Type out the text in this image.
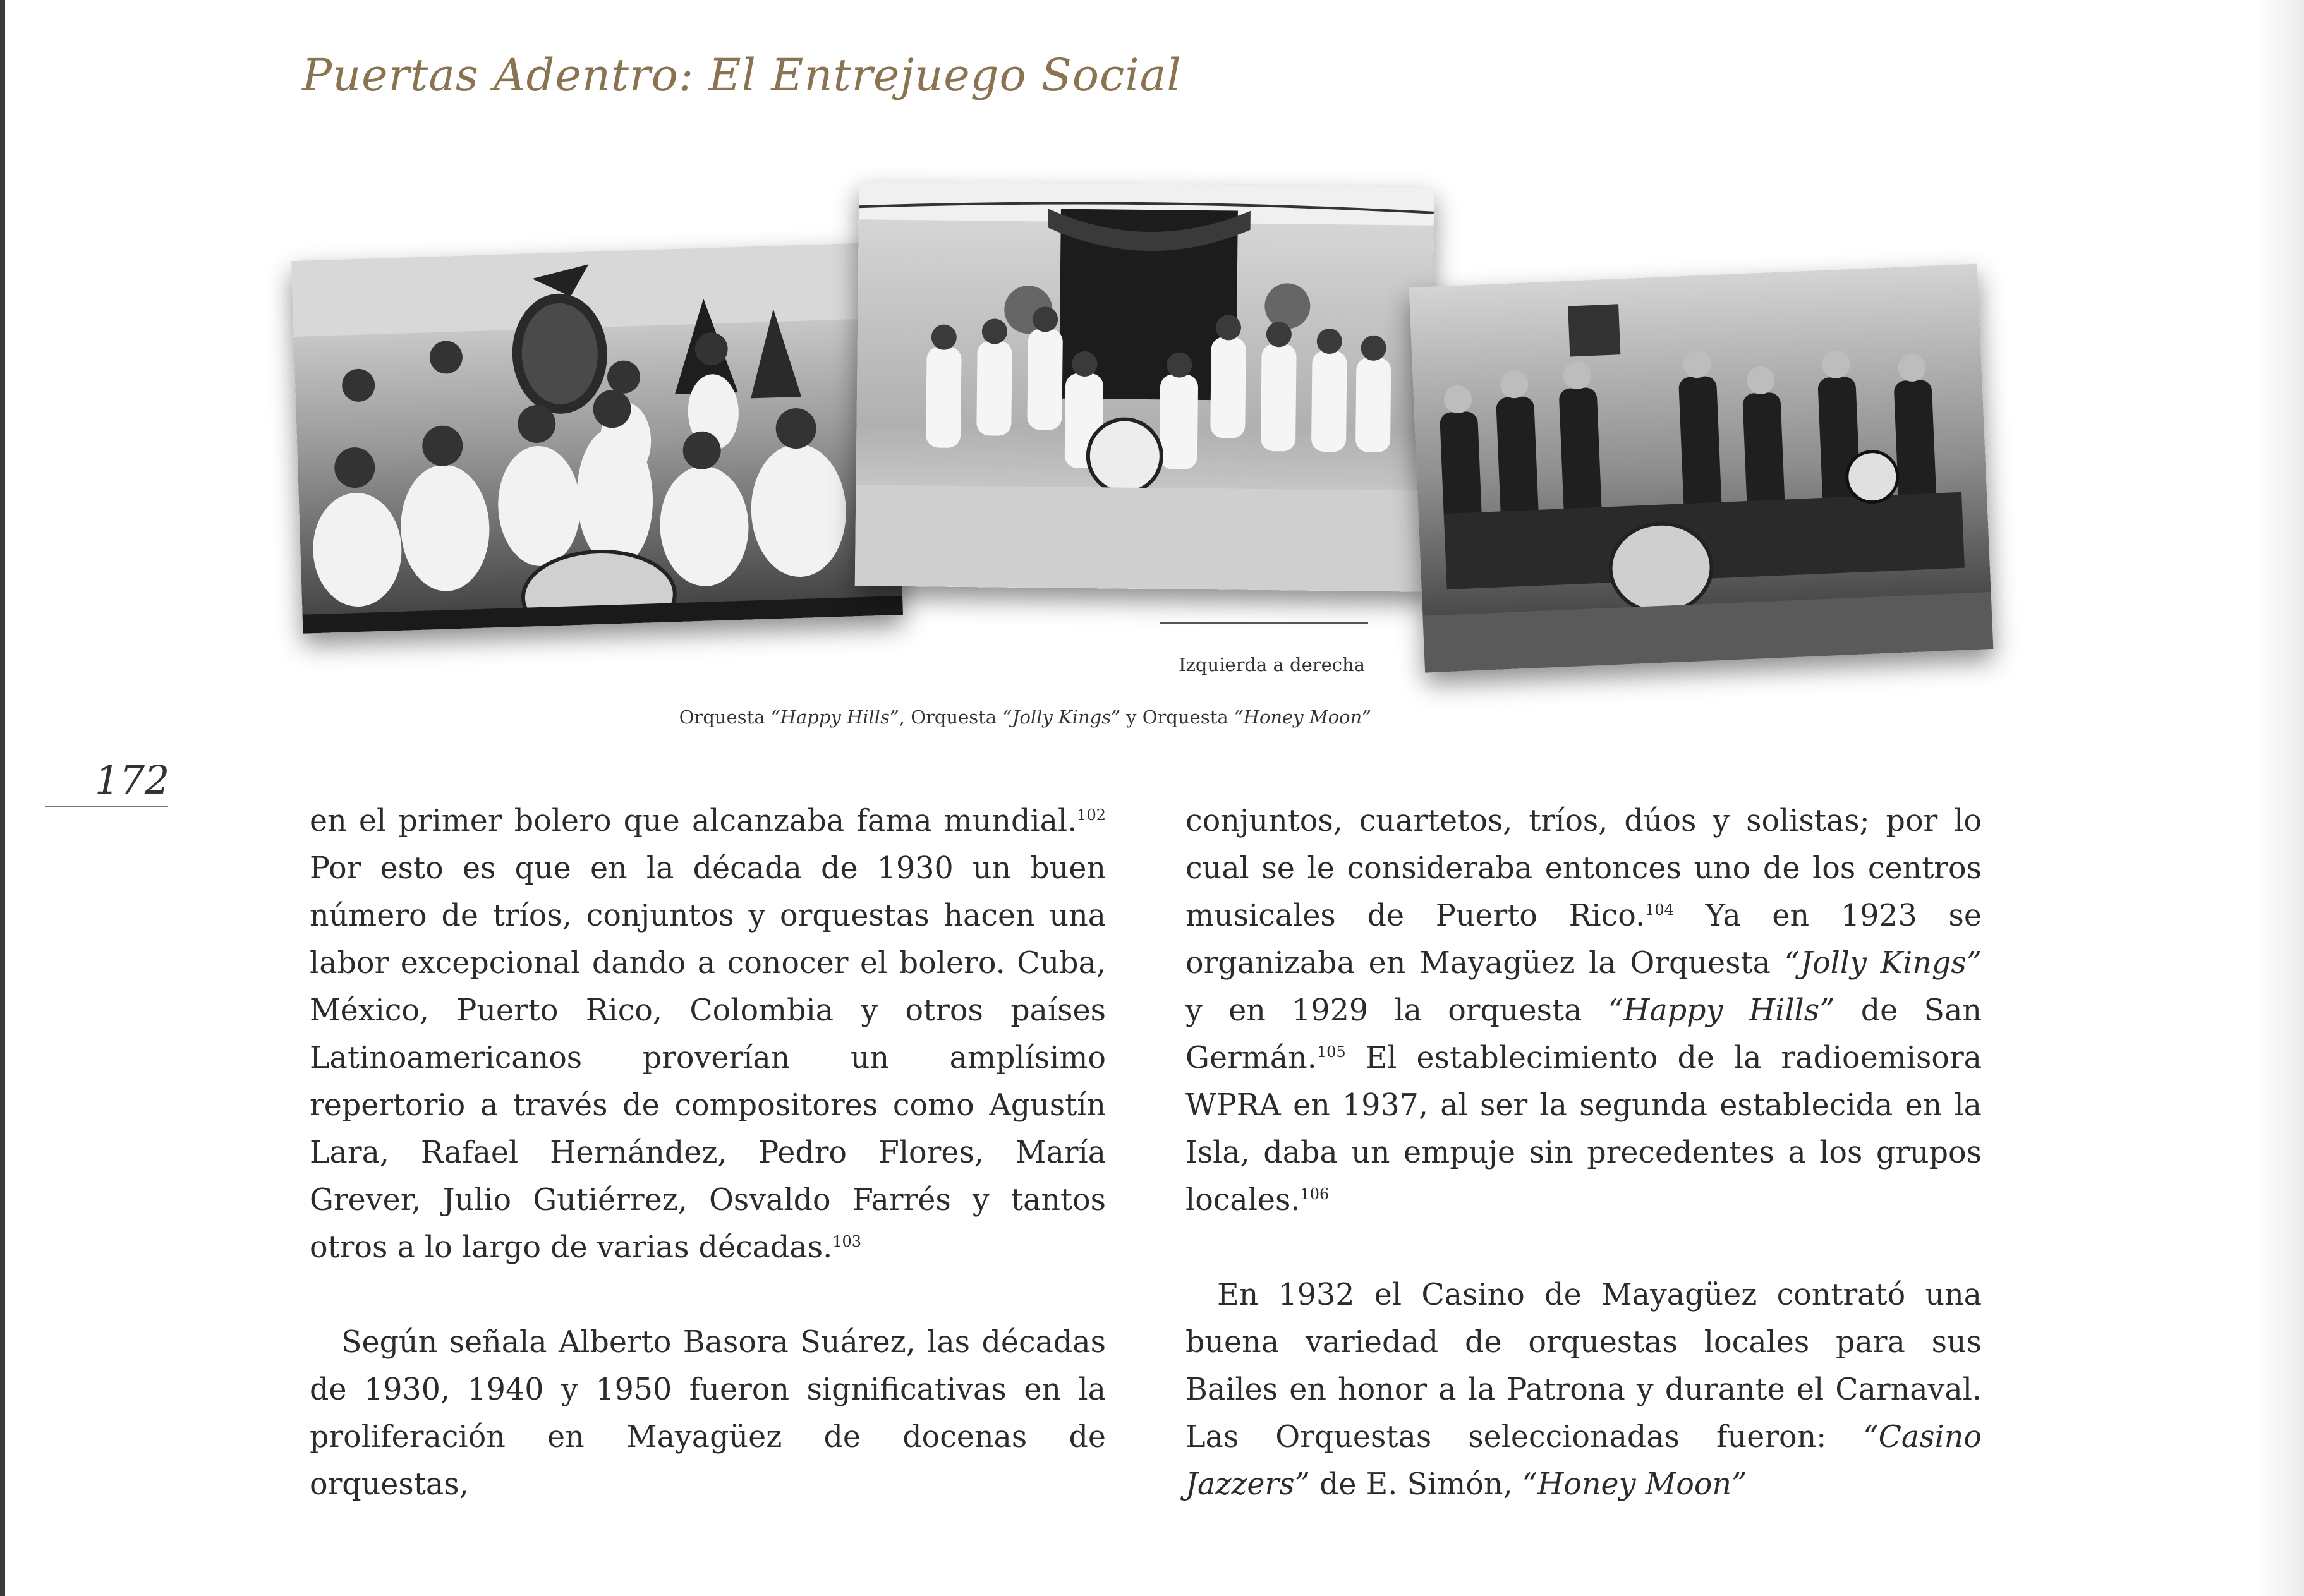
Puertas Adentro: El Entrejuego Social
172
Izquierda a derecha
Orquesta “Happy Hills”, Orquesta “Jolly Kings” y Orquesta “Honey Moon”

en el primer bolero que alcanzaba fama mundial.$^{102}$ Por esto es que en la década de 1930 un buen número de tríos, conjuntos y orquestas hacen una labor excepcional dando a conocer el bolero. Cuba, México, Puerto Rico, Colombia y otros países Latinoamericanos proverían un amplísimo repertorio a través de compositores como Agustín Lara, Rafael Hernández, Pedro Flores, María Grever, Julio Gutiérrez, Osvaldo Farrés y tantos otros a lo largo de varias décadas.$^{103}$

Según señala Alberto Basora Suárez, las décadas de 1930, 1940 y 1950 fueron significativas en la proliferación en Mayagüez de docenas de orquestas,

conjuntos, cuartetos, tríos, dúos y solistas; por lo cual se le consideraba entonces uno de los centros musicales de Puerto Rico.$^{104}$ Ya en 1923 se organizaba en Mayagüez la Orquesta “Jolly Kings” y en 1929 la orquesta “Happy Hills” de San Germán.$^{105}$ El establecimiento de la radioemisora WPRA en 1937, al ser la segunda establecida en la Isla, daba un empuje sin precedentes a los grupos locales.$^{106}$

En 1932 el Casino de Mayagüez contrató una buena variedad de orquestas locales para sus Bailes en honor a la Patrona y durante el Carnaval. Las Orquestas seleccionadas fueron: “Casino Jazzers” de E. Simón, “Honey Moon”
